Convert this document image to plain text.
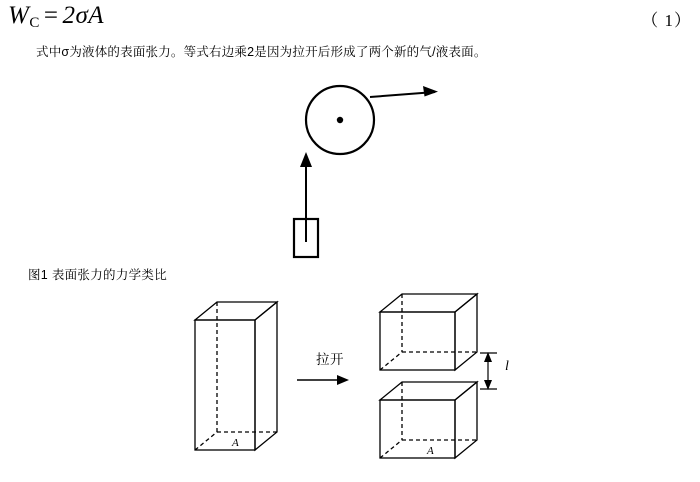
$W_C = 2\sigma A$	（ 1）
式中σ为液体的表面张力。等式右边乘2是因为拉开后形成了两个新的气/液表面。
图1 表面张力的力学类比
A
A
拉开	l
